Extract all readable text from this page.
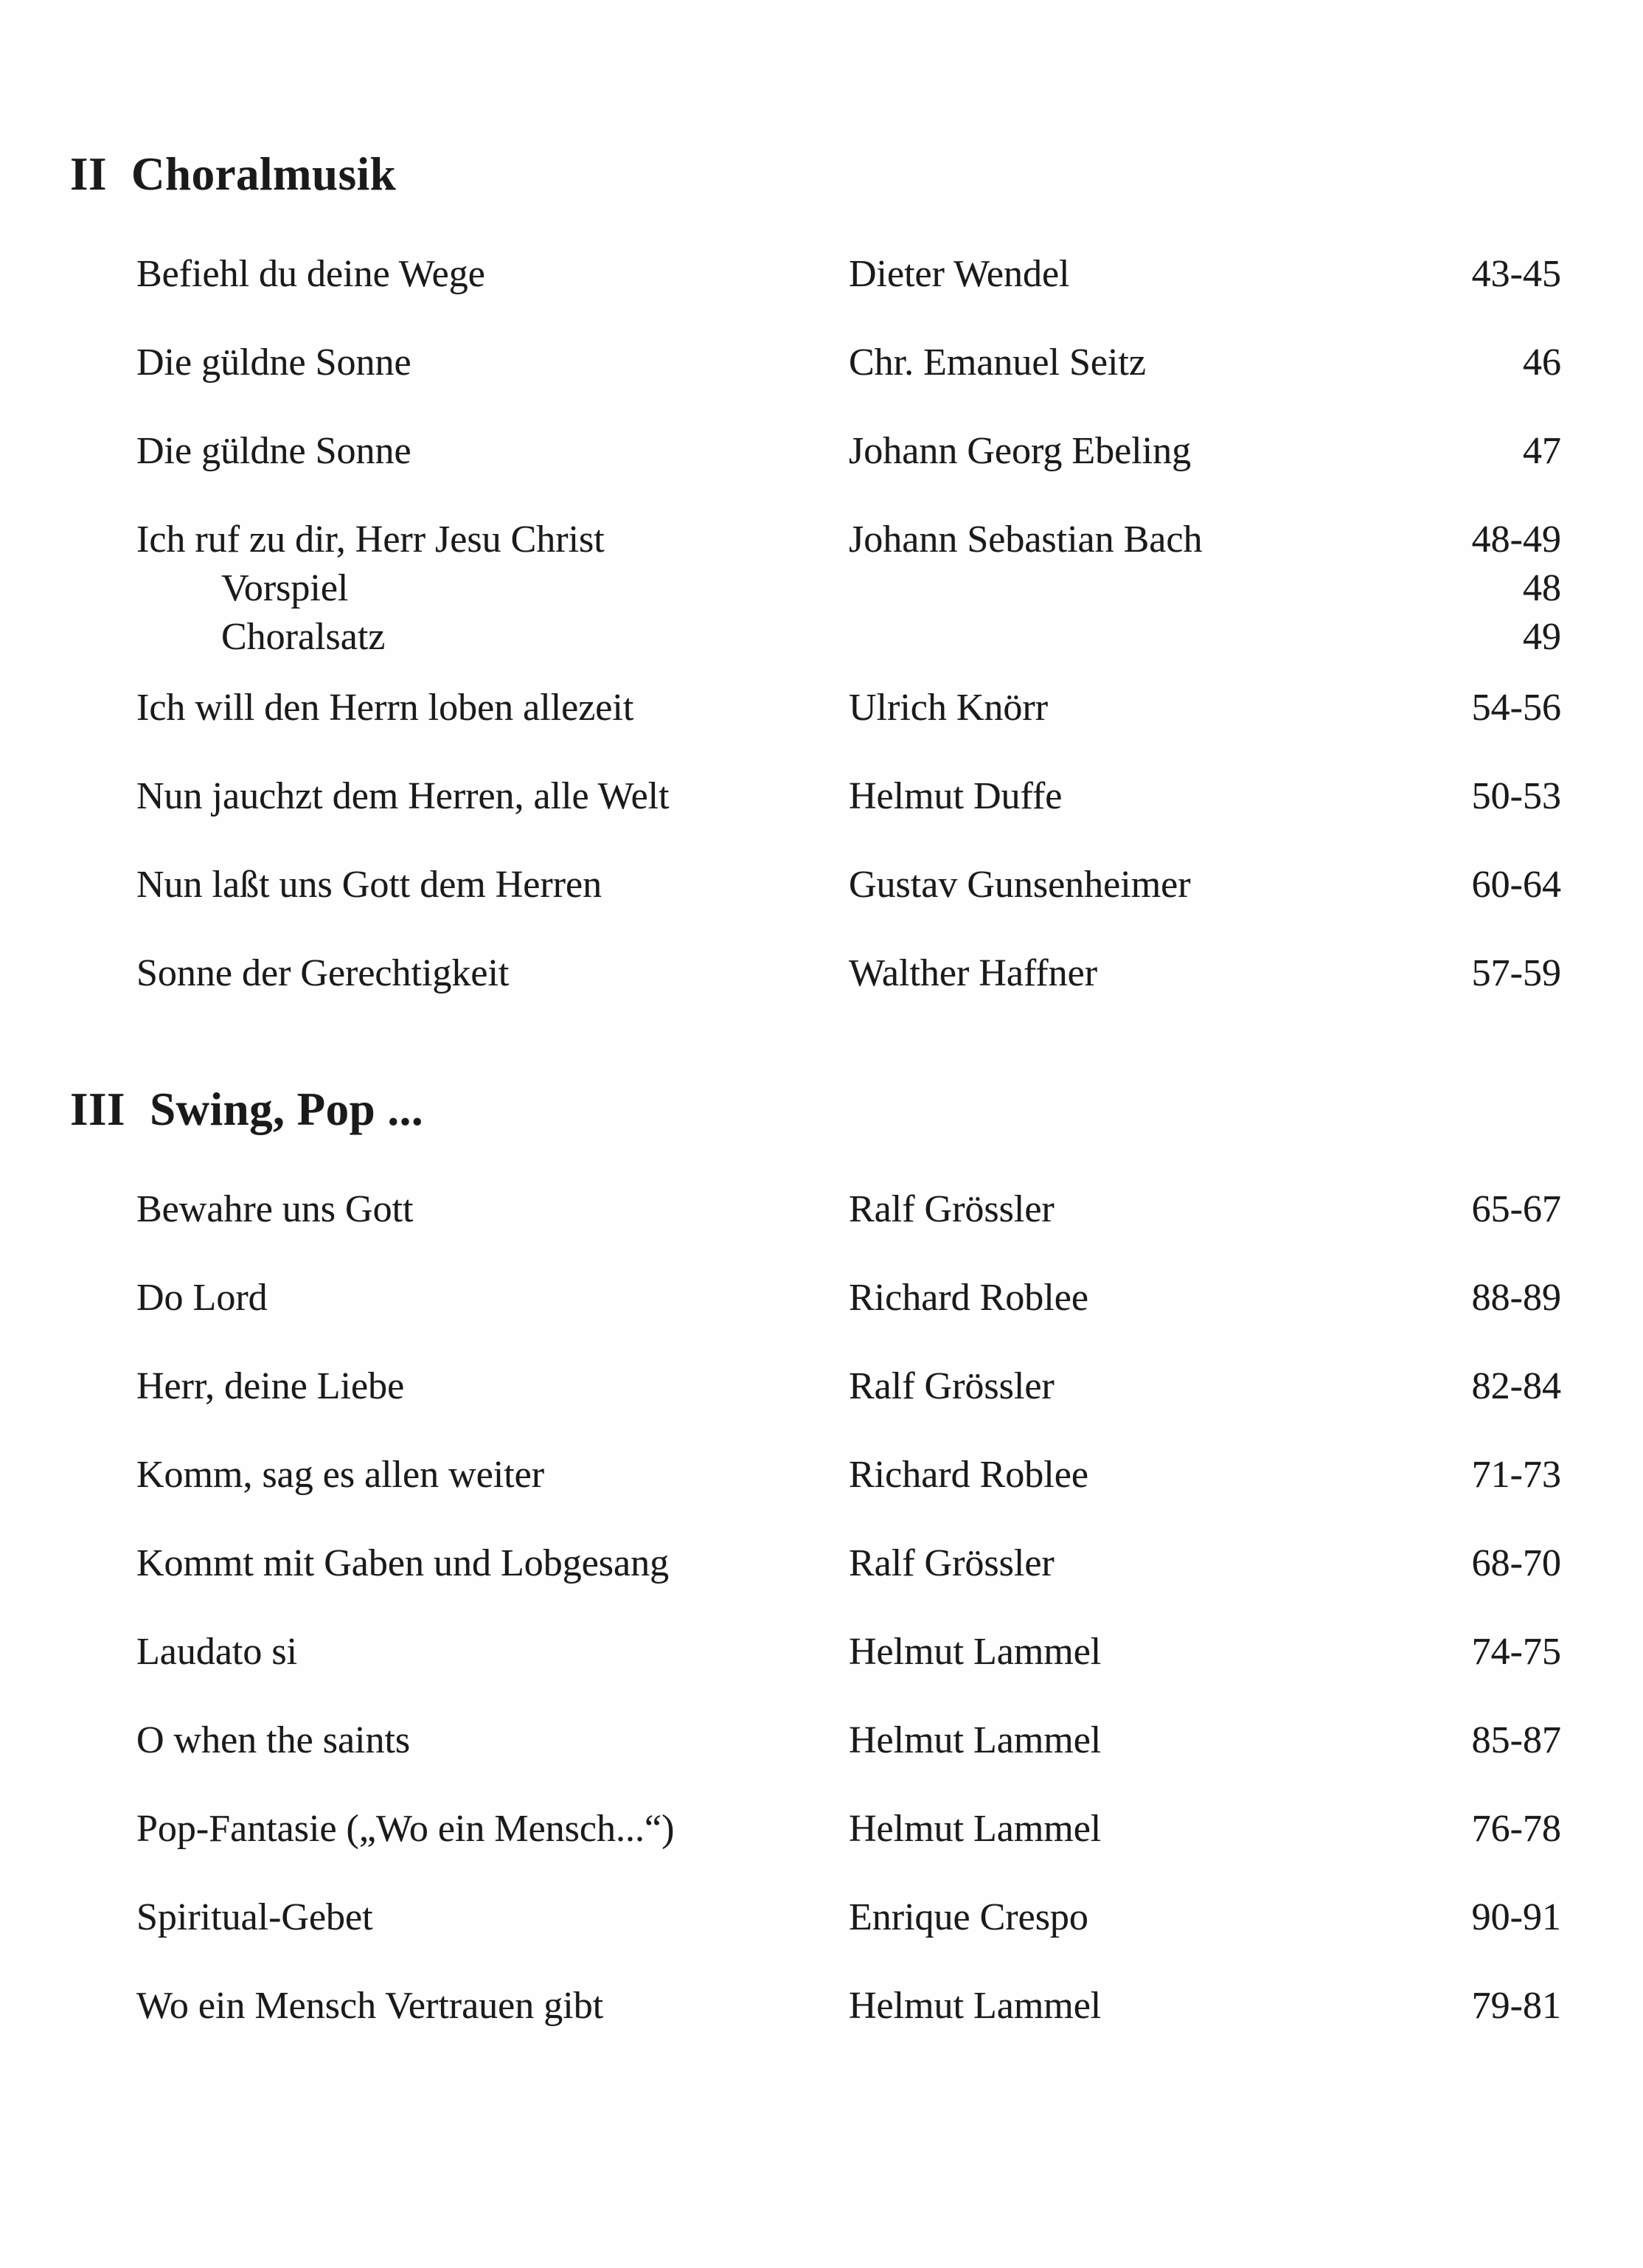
II Choralmusik
Befiehl du deine Wege	Dieter Wendel	43-45
Die güldne Sonne	Chr. Emanuel Seitz	46
Die güldne Sonne	Johann Georg Ebeling	47
Ich ruf zu dir, Herr Jesu Christ	Johann Sebastian Bach	48-49
Vorspiel	48
Choralsatz	49
Ich will den Herrn loben allezeit	Ulrich Knörr	54-56
Nun jauchzt dem Herren, alle Welt	Helmut Duffe	50-53
Nun laßt uns Gott dem Herren	Gustav Gunsenheimer	60-64
Sonne der Gerechtigkeit	Walther Haffner	57-59
III Swing, Pop ...
Bewahre uns Gott	Ralf Grössler	65-67
Do Lord	Richard Roblee	88-89
Herr, deine Liebe	Ralf Grössler	82-84
Komm, sag es allen weiter	Richard Roblee	71-73
Kommt mit Gaben und Lobgesang	Ralf Grössler	68-70
Laudato si	Helmut Lammel	74-75
O when the saints	Helmut Lammel	85-87
Pop-Fantasie („Wo ein Mensch...“)	Helmut Lammel	76-78
Spiritual-Gebet	Enrique Crespo	90-91
Wo ein Mensch Vertrauen gibt	Helmut Lammel	79-81
